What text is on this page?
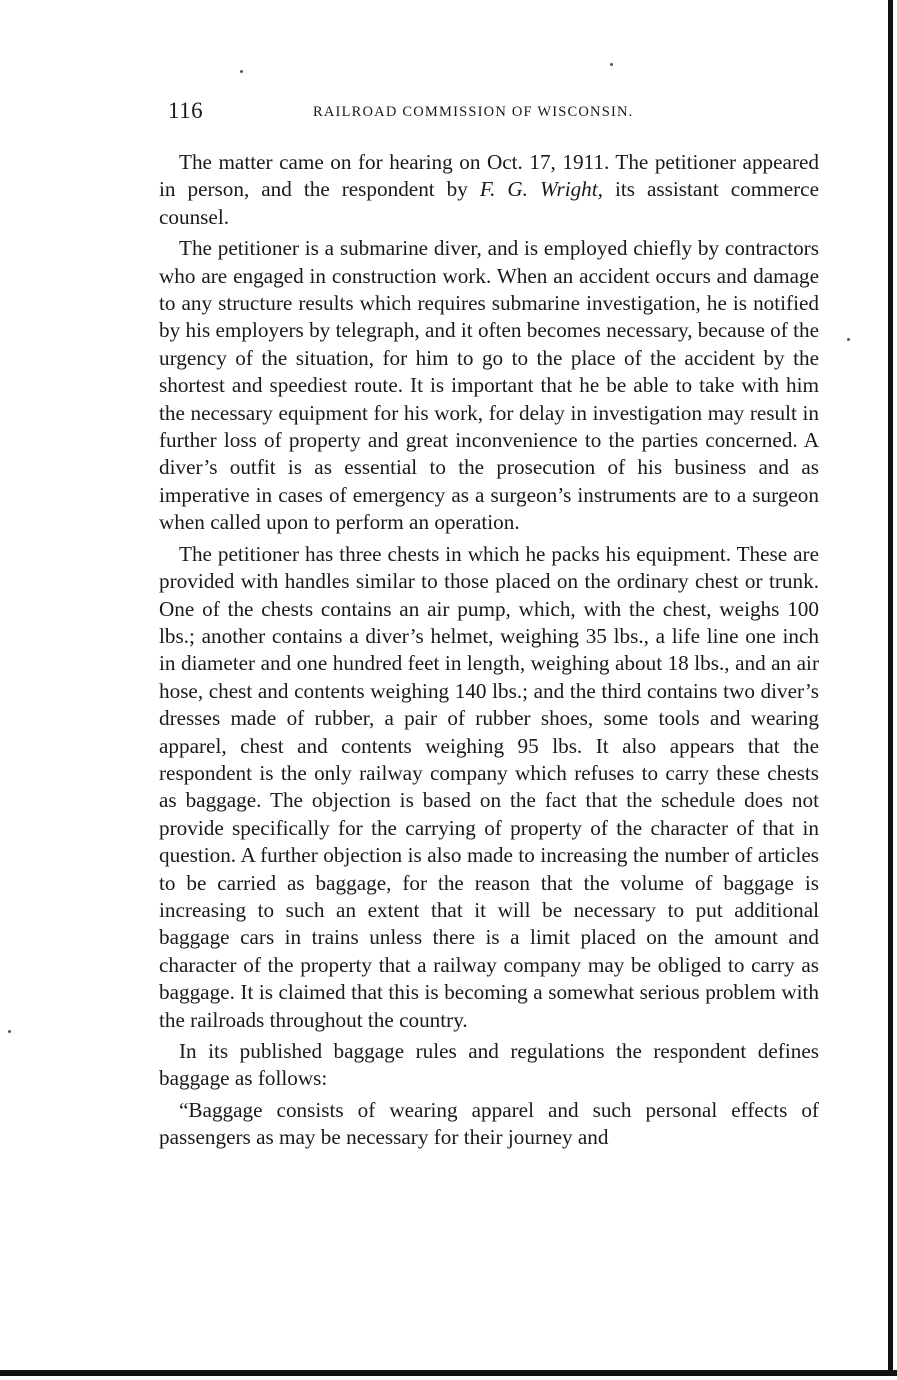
116	RAILROAD COMMISSION OF WISCONSIN.

The matter came on for hearing on Oct. 17, 1911. The petitioner appeared in person, and the respondent by F. G. Wright, its assistant commerce counsel.

The petitioner is a submarine diver, and is employed chiefly by contractors who are engaged in construction work. When an accident occurs and damage to any structure results which requires submarine investigation, he is notified by his employers by telegraph, and it often becomes necessary, because of the urgency of the situation, for him to go to the place of the accident by the shortest and speediest route. It is important that he be able to take with him the necessary equipment for his work, for delay in investigation may result in further loss of property and great inconvenience to the parties concerned. A diver’s outfit is as essential to the prosecution of his business and as imperative in cases of emergency as a surgeon’s instruments are to a surgeon when called upon to perform an operation.

The petitioner has three chests in which he packs his equipment. These are provided with handles similar to those placed on the ordinary chest or trunk. One of the chests contains an air pump, which, with the chest, weighs 100 lbs.; another contains a diver’s helmet, weighing 35 lbs., a life line one inch in diameter and one hundred feet in length, weighing about 18 lbs., and an air hose, chest and contents weighing 140 lbs.; and the third contains two diver’s dresses made of rubber, a pair of rubber shoes, some tools and wearing apparel, chest and contents weighing 95 lbs. It also appears that the respondent is the only railway company which refuses to carry these chests as baggage. The objection is based on the fact that the schedule does not provide specifically for the carrying of property of the character of that in question. A further objection is also made to increasing the number of articles to be carried as baggage, for the reason that the volume of baggage is increasing to such an extent that it will be necessary to put additional baggage cars in trains unless there is a limit placed on the amount and character of the property that a railway company may be obliged to carry as baggage. It is claimed that this is becoming a somewhat serious problem with the railroads throughout the country.

In its published baggage rules and regulations the respondent defines baggage as follows:

“Baggage consists of wearing apparel and such personal effects of passengers as may be necessary for their journey and
